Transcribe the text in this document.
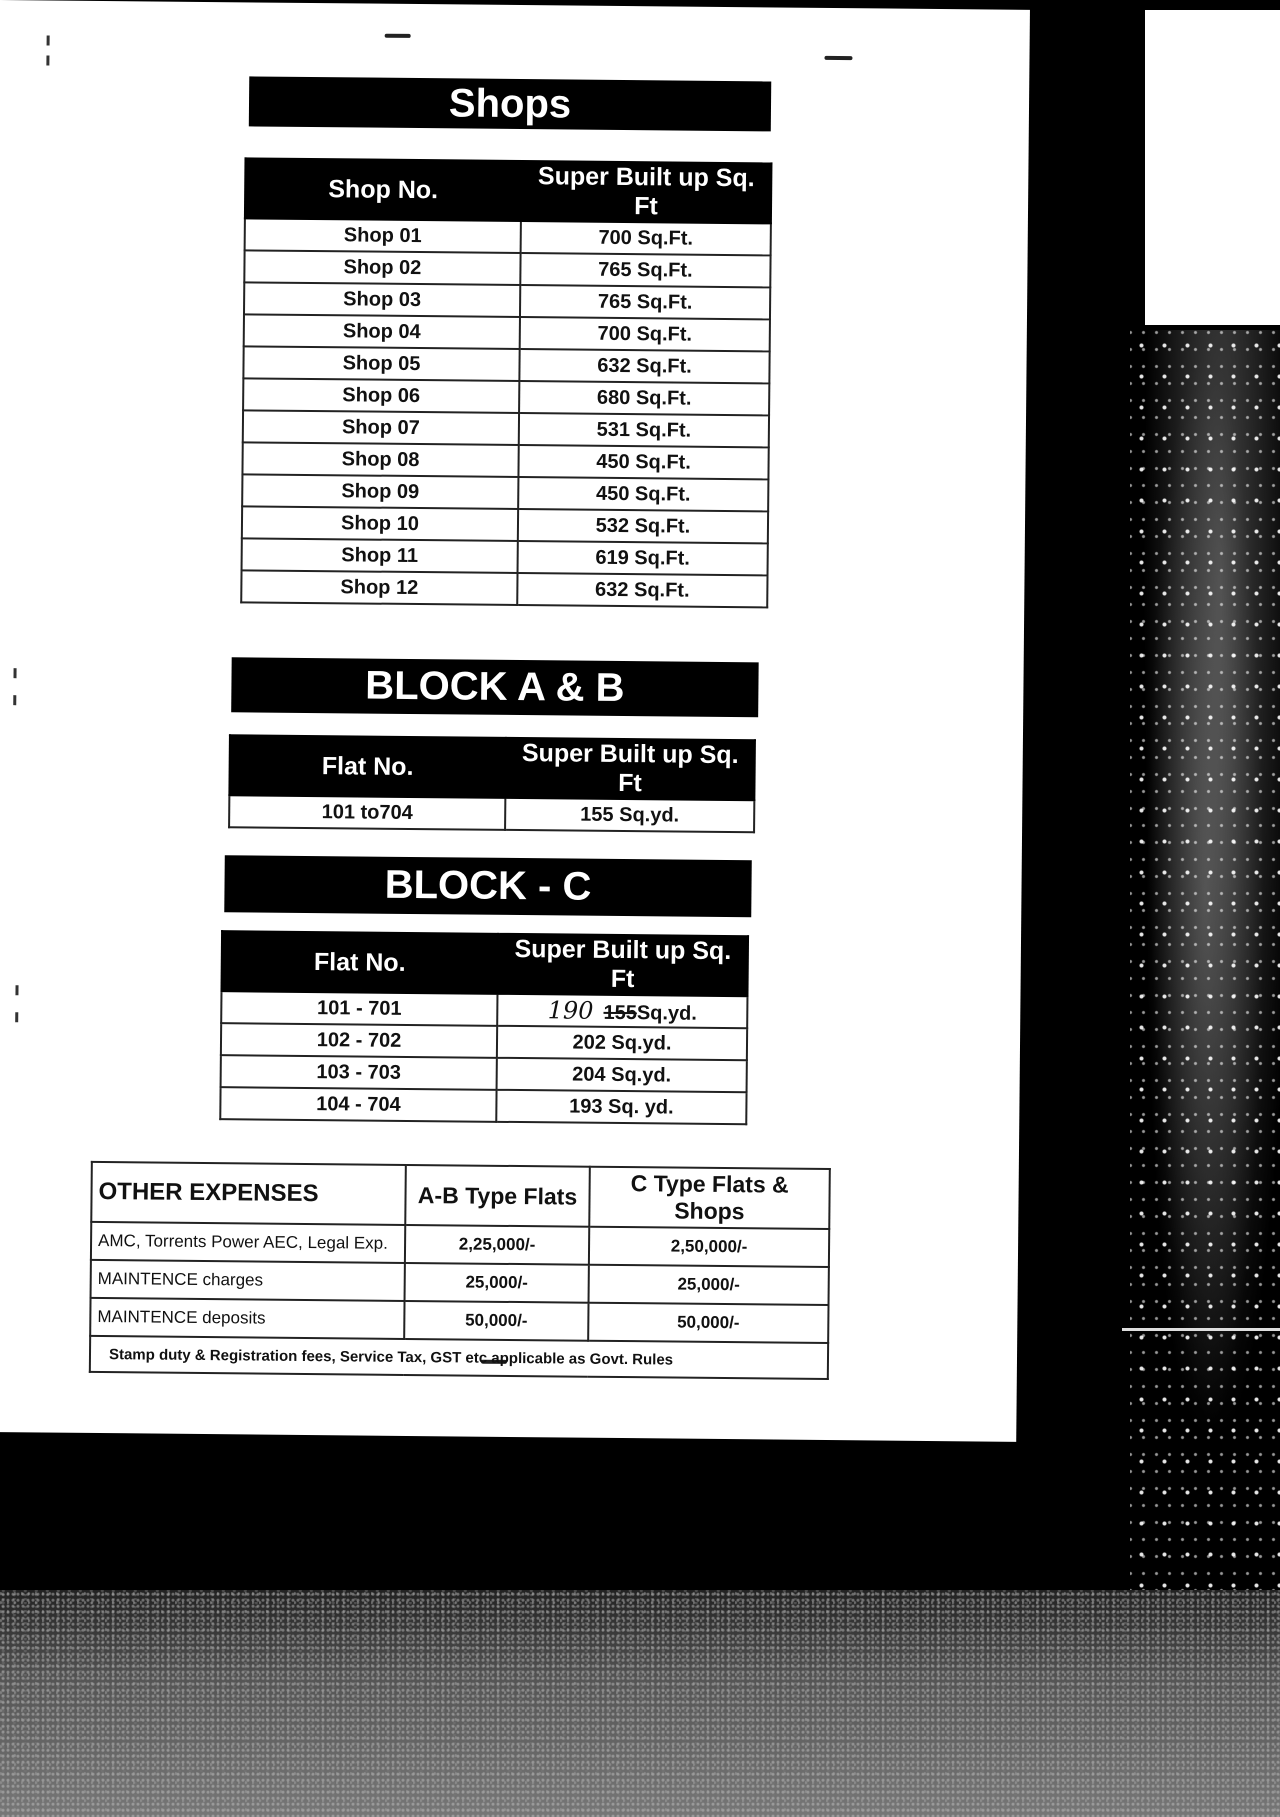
Shops
Shop No.	Super Built up Sq. Ft
Shop 01	700 Sq.Ft.
Shop 02	765 Sq.Ft.
Shop 03	765 Sq.Ft.
Shop 04	700 Sq.Ft.
Shop 05	632 Sq.Ft.
Shop 06	680 Sq.Ft.
Shop 07	531 Sq.Ft.
Shop 08	450 Sq.Ft.
Shop 09	450 Sq.Ft.
Shop 10	532 Sq.Ft.
Shop 11	619 Sq.Ft.
Shop 12	632 Sq.Ft.
BLOCK A & B
Flat No.	Super Built up Sq. Ft
101 to704	155 Sq.yd.
BLOCK - C
Flat No.	Super Built up Sq. Ft
101 - 701	190 155Sq.yd.
102 - 702	202 Sq.yd.
103 - 703	204 Sq.yd.
104 - 704	193 Sq. yd.
OTHER EXPENSES	A-B Type Flats	C Type Flats & Shops
AMC, Torrents Power AEC, Legal Exp.	2,25,000/-	2,50,000/-
MAINTENCE charges	25,000/-	25,000/-
MAINTENCE deposits	50,000/-	50,000/-
Stamp duty & Registration fees, Service Tax, GST etc applicable as Govt. Rules		
